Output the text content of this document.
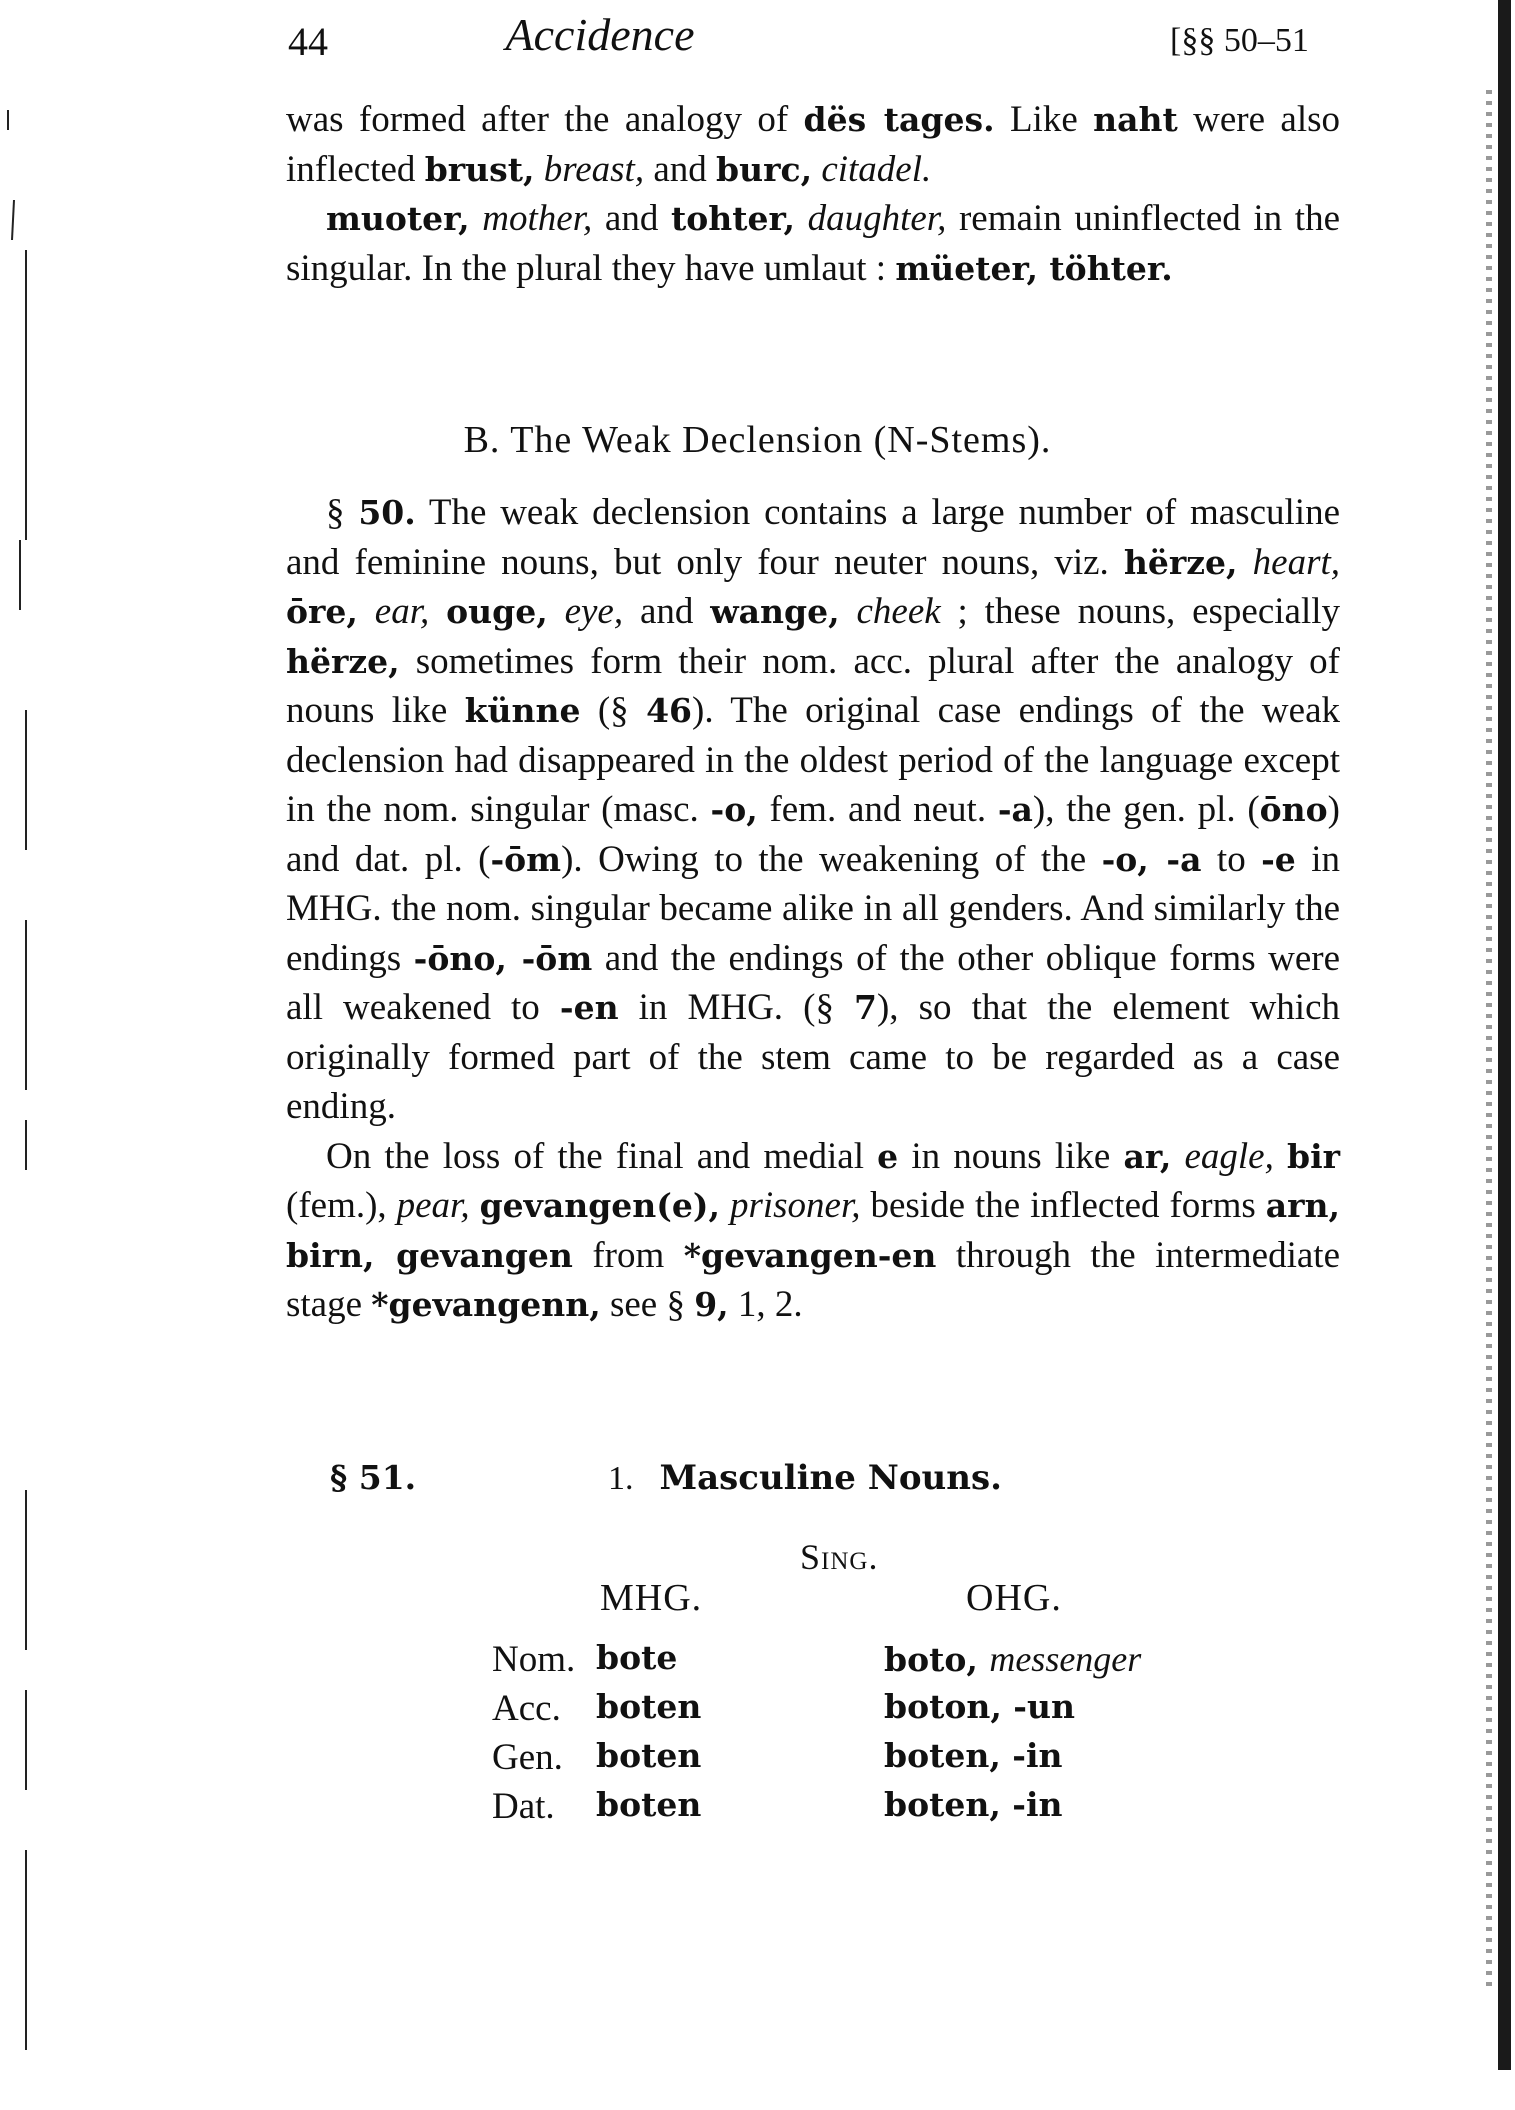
44	Accidence	[§§ 50–51

was formed after the analogy of dës tages. Like naht were also inflected brust, breast, and burc, citadel.

muoter, mother, and tohter, daughter, remain uninflected in the singular. In the plural they have umlaut : müeter, töhter.

B. The Weak Declension (N-Stems).

§ 50. The weak declension contains a large number of masculine and feminine nouns, but only four neuter nouns, viz. hërze, heart, ōre, ear, ouge, eye, and wange, cheek ; these nouns, especially hërze, sometimes form their nom. acc. plural after the analogy of nouns like künne (§ 46). The original case endings of the weak declension had disappeared in the oldest period of the language except in the nom. singular (masc. -o, fem. and neut. -a), the gen. pl. (ōno) and dat. pl. (-ōm). Owing to the weakening of the -o, -a to -e in MHG. the nom. singular became alike in all genders. And similarly the endings -ōno, -ōm and the endings of the other oblique forms were all weakened to -en in MHG. (§ 7), so that the element which originally formed part of the stem came to be regarded as a case ending.

On the loss of the final and medial e in nouns like ar, eagle, bir (fem.), pear, gevangen(e), prisoner, beside the inflected forms arn, birn, gevangen from *gevangen-en through the intermediate stage *gevangenn, see § 9, 1, 2.

§ 51.	1. Masculine Nouns.
Sing.
MHG.	OHG.
Nom. bote	boto, messenger
Acc. boten	boton, -un
Gen. boten	boten, -in
Dat. boten	boten, -in
